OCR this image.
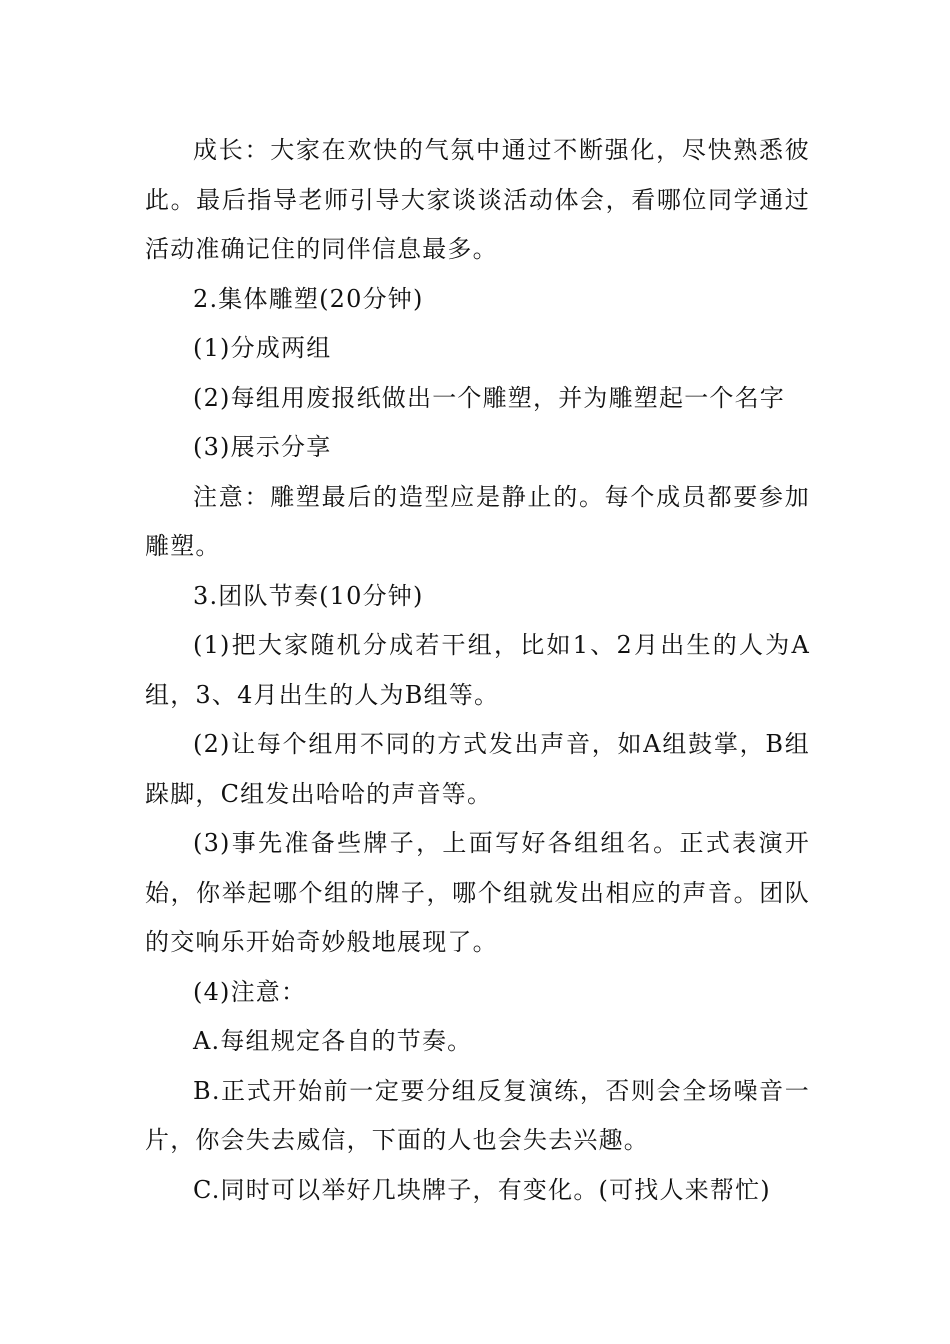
成长：大家在欢快的气氛中通过不断强化，尽快熟悉彼此。最后指导老师引导大家谈谈活动体会，看哪位同学通过活动准确记住的同伴信息最多。

2.集体雕塑(20分钟)

(1)分成两组

(2)每组用废报纸做出一个雕塑，并为雕塑起一个名字

(3)展示分享

注意：雕塑最后的造型应是静止的。每个成员都要参加雕塑。

3.团队节奏(10分钟)

(1)把大家随机分成若干组，比如1、2月出生的人为A组，3、4月出生的人为B组等。

(2)让每个组用不同的方式发出声音，如A组鼓掌，B组跺脚，C组发出哈哈的声音等。

(3)事先准备些牌子，上面写好各组组名。正式表演开始，你举起哪个组的牌子，哪个组就发出相应的声音。团队的交响乐开始奇妙般地展现了。

(4)注意：

A.每组规定各自的节奏。

B.正式开始前一定要分组反复演练，否则会全场噪音一片，你会失去威信，下面的人也会失去兴趣。

C.同时可以举好几块牌子，有变化。(可找人来帮忙)
